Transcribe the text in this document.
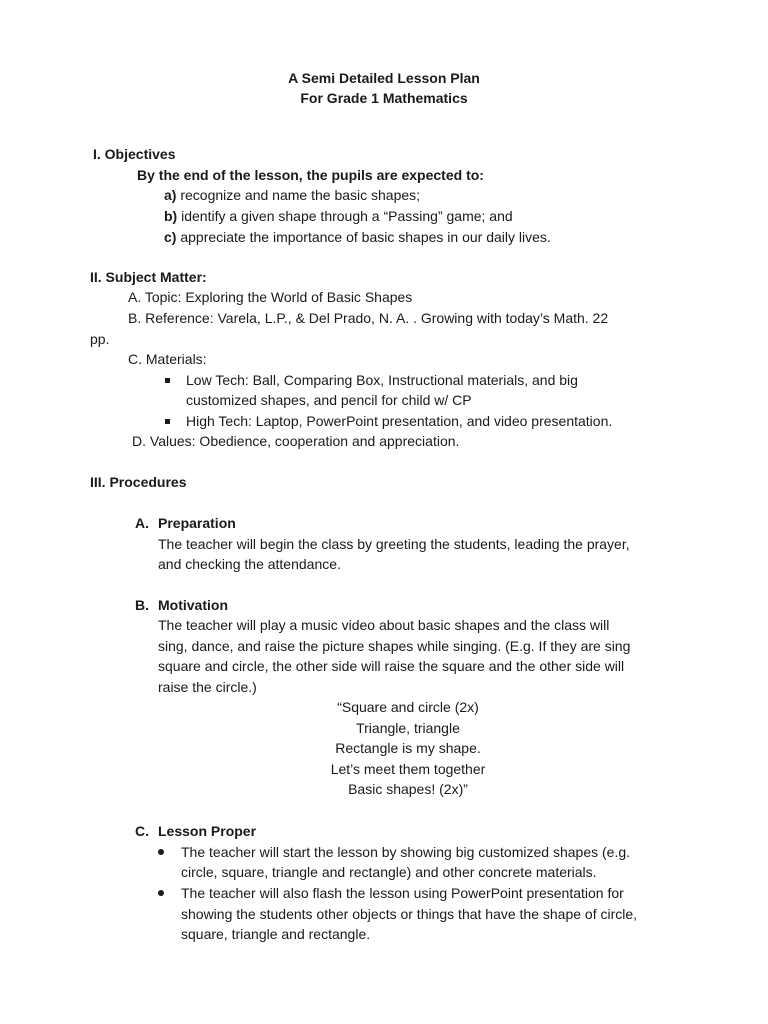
A Semi Detailed Lesson Plan
For Grade 1 Mathematics
I. Objectives
By the end of the lesson, the pupils are expected to:
a) recognize and name the basic shapes;
b) identify a given shape through a “Passing” game; and
c) appreciate the importance of basic shapes in our daily lives.
II. Subject Matter:
A. Topic: Exploring the World of Basic Shapes
B. Reference: Varela, L.P., & Del Prado, N. A. . Growing with today’s Math. 22
pp.
C. Materials:
Low Tech: Ball, Comparing Box, Instructional materials, and big
customized shapes, and pencil for child w/ CP
High Tech: Laptop, PowerPoint presentation, and video presentation.
D. Values: Obedience, cooperation and appreciation.
III. Procedures
A. Preparation
The teacher will begin the class by greeting the students, leading the prayer,
and checking the attendance.
B. Motivation
The teacher will play a music video about basic shapes and the class will
sing, dance, and raise the picture shapes while singing. (E.g. If they are sing
square and circle, the other side will raise the square and the other side will
raise the circle.)
“Square and circle (2x)
Triangle, triangle
Rectangle is my shape.
Let’s meet them together
Basic shapes! (2x)”
C. Lesson Proper
The teacher will start the lesson by showing big customized shapes (e.g.
circle, square, triangle and rectangle) and other concrete materials.
The teacher will also flash the lesson using PowerPoint presentation for
showing the students other objects or things that have the shape of circle,
square, triangle and rectangle.
